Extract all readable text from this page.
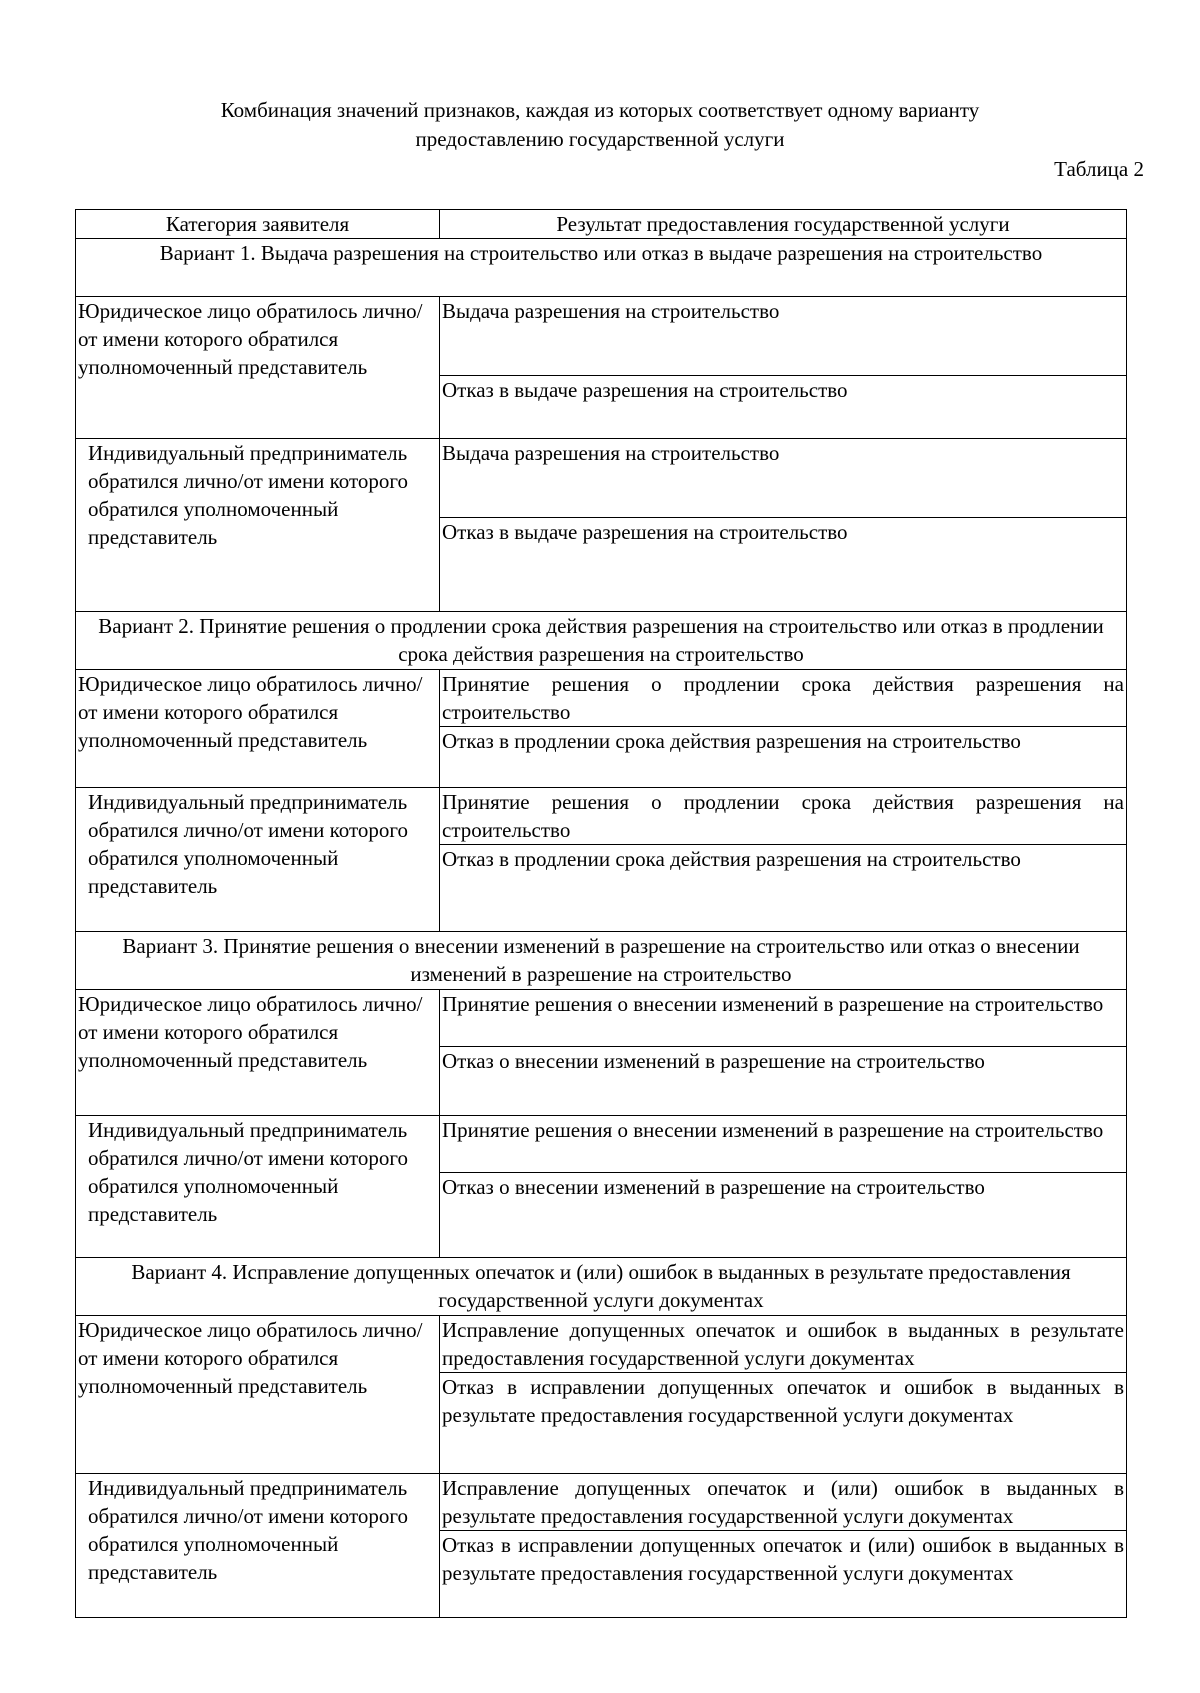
Комбинация значений признаков, каждая из которых соответствует одному варианту
предоставлению государственной услуги
Таблица 2
Категория заявителя	Результат предоставления государственной услуги
Вариант 1. Выдача разрешения на строительство или отказ в выдаче разрешения на строительство	
Юридическое лицо обратилось лично/от имени которого обратился уполномоченный представитель	Выдача разрешения на строительство
	Отказ в выдаче разрешения на строительство
Индивидуальный предприниматель обратился лично/от имени которого обратился уполномоченный представитель	Выдача разрешения на строительство
	Отказ в выдаче разрешения на строительство
Вариант 2. Принятие решения о продлении срока действия разрешения на строительство или отказ в продлении срока действия разрешения на строительство	
Юридическое лицо обратилось лично/от имени которого обратился уполномоченный представитель	Принятие решения о продлении срока действия разрешения на строительство
	Отказ в продлении срока действия разрешения на строительство
Индивидуальный предприниматель обратился лично/от имени которого обратился уполномоченный представитель	Принятие решения о продлении срока действия разрешения на строительство
	Отказ в продлении срока действия разрешения на строительство
Вариант 3. Принятие решения о внесении изменений в разрешение на строительство или отказ о внесении изменений в разрешение на строительство	
Юридическое лицо обратилось лично/от имени которого обратился уполномоченный представитель	Принятие решения о внесении изменений в разрешение на строительство
	Отказ о внесении изменений в разрешение на строительство
Индивидуальный предприниматель обратился лично/от имени которого обратился уполномоченный представитель	Принятие решения о внесении изменений в разрешение на строительство
	Отказ о внесении изменений в разрешение на строительство
Вариант 4. Исправление допущенных опечаток и (или) ошибок в выданных в результате предоставления государственной услуги документах	
Юридическое лицо обратилось лично/от имени которого обратился уполномоченный представитель	Исправление допущенных опечаток и ошибок в выданных в результате предоставления государственной услуги документах
	Отказ в исправлении допущенных опечаток и ошибок в выданных в результате предоставления государственной услуги документах
Индивидуальный предприниматель обратился лично/от имени которого обратился уполномоченный представитель	Исправление допущенных опечаток и (или) ошибок в выданных в результате предоставления государственной услуги документах
	Отказ в исправлении допущенных опечаток и (или) ошибок в выданных в результате предоставления государственной услуги документах
